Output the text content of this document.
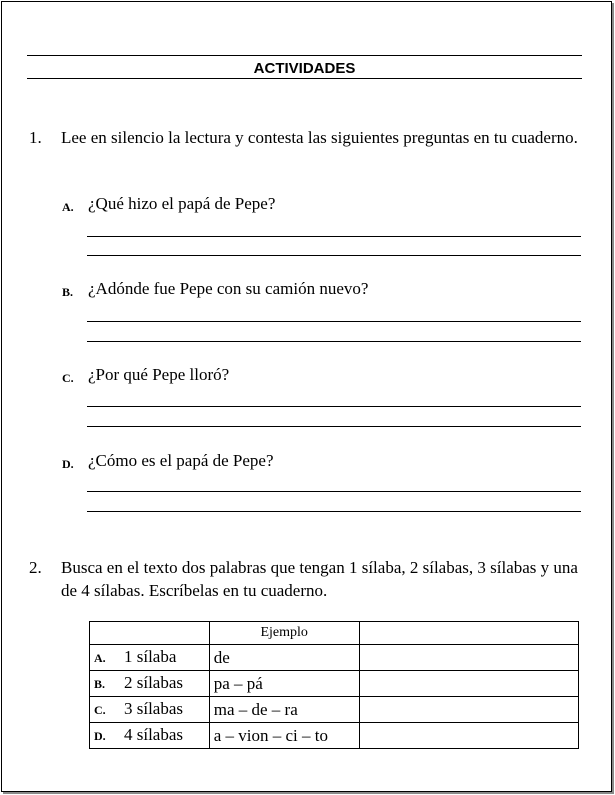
ACTIVIDADES
1. Lee en silencio la lectura y contesta las siguientes preguntas en tu cuaderno.
A. ¿Qué hizo el papá de Pepe?
B. ¿Adónde fue Pepe con su camión nuevo?
C. ¿Por qué Pepe lloró?
D. ¿Cómo es el papá de Pepe?
2. Busca en el texto dos palabras que tengan 1 sílaba, 2 sílabas, 3 sílabas y una de 4 sílabas. Escríbelas en tu cuaderno.
	Ejemplo	
A. 1 sílaba	de	
B. 2 sílabas	pa – pá	
C. 3 sílabas	ma – de – ra	
D. 4 sílabas	a – vion – ci – to	
